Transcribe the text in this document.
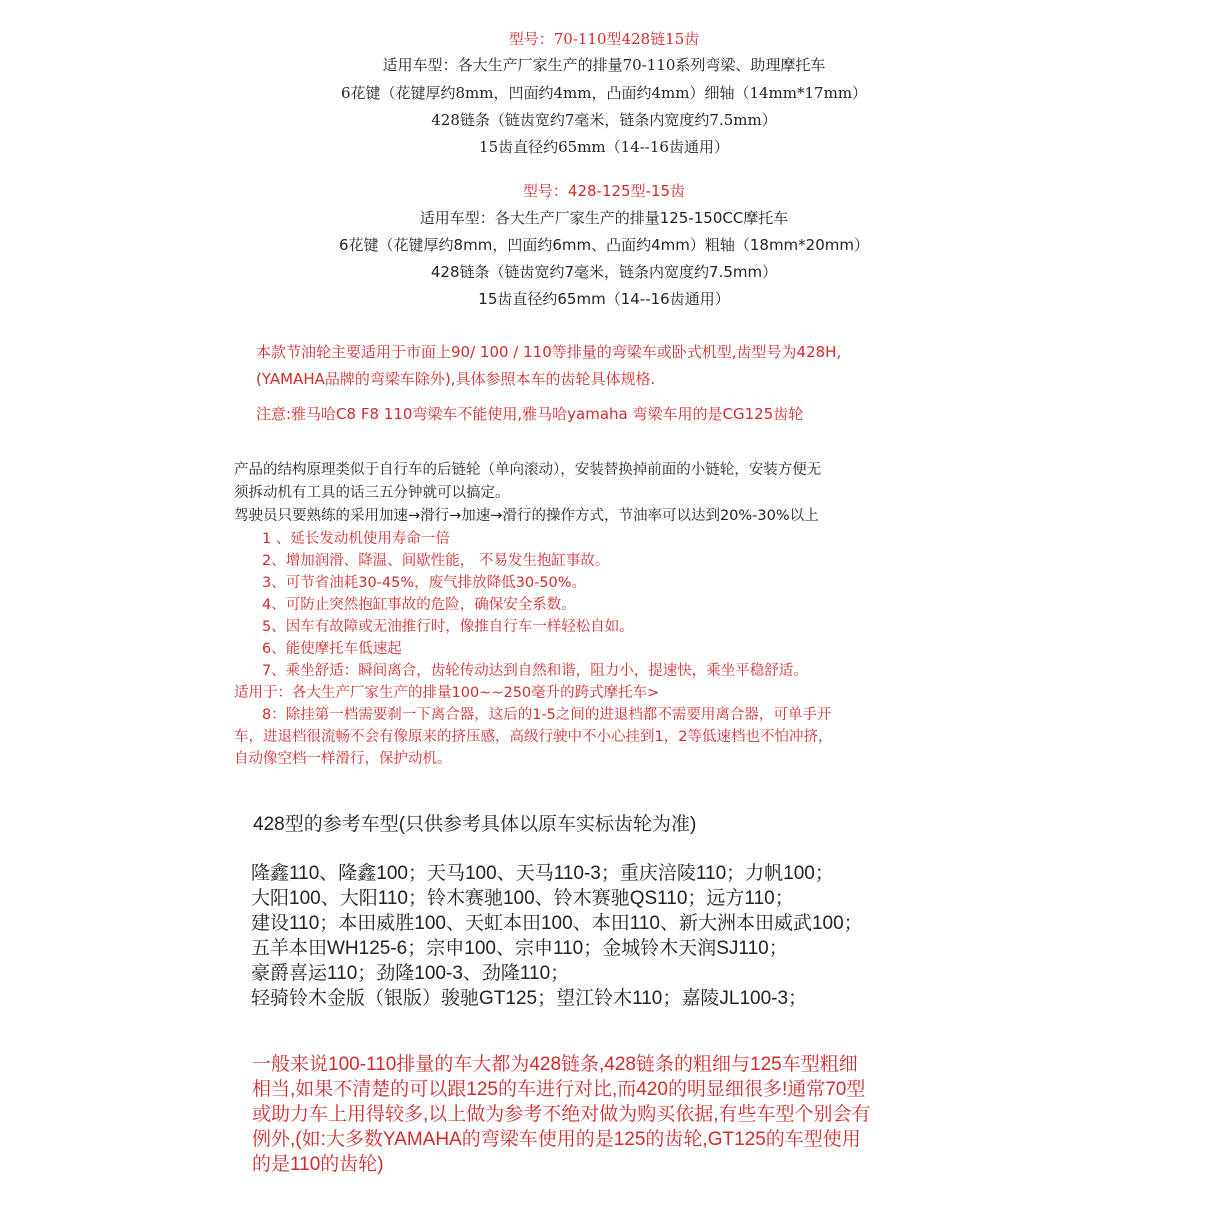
型号：70-110型428链15齿
适用车型：各大生产厂家生产的排量70-110系列弯梁、助理摩托车
6花键（花键厚约8mm，凹面约4mm，凸面约4mm）细轴（14mm*17mm）
428链条（链齿宽约7毫米，链条内宽度约7.5mm）
15齿直径约65mm（14--16齿通用）
型号：428-125型-15齿
适用车型：各大生产厂家生产的排量125-150CC摩托车
6花键（花键厚约8mm，凹面约6mm、凸面约4mm）粗轴（18mm*20mm）
428链条（链齿宽约7毫米，链条内宽度约7.5mm）
15齿直径约65mm（14--16齿通用）
本款节油轮主要适用于市面上90/ 100 / 110等排量的弯梁车或卧式机型,齿型号为428H,
(YAMAHA品牌的弯梁车除外),具体参照本车的齿轮具体规格.
注意:雅马哈C8 F8 110弯梁车不能使用,雅马哈yamaha 弯梁车用的是CG125齿轮
产品的结构原理类似于自行车的后链轮（单向滚动），安装替换掉前面的小链轮，安装方便无
须拆动机有工具的话三五分钟就可以搞定。
驾驶员只要熟练的采用加速→滑行→加速→滑行的操作方式，节油率可以达到20%-30%以上
1 、延长发动机使用寿命一倍
2、增加润滑、降温、间歇性能， 不易发生抱缸事故。
3、可节省油耗30-45%，废气排放降低30-50%。
4、可防止突然抱缸事故的危险，确保安全系数。
5、因车有故障或无油推行时，像推自行车一样轻松自如。
6、能使摩托车低速起
7、乘坐舒适：瞬间离合，齿轮传动达到自然和谐，阻力小，提速快，乘坐平稳舒适。
适用于：各大生产厂家生产的排量100~~250毫升的跨式摩托车>
8：除挂第一档需要刹一下离合器，这后的1-5之间的进退档都不需要用离合器，可单手开
车，进退档很流畅不会有像原来的挤压感，高级行驶中不小心挂到1，2等低速档也不怕冲挤，
自动像空档一样滑行，保护动机。
428型的参考车型(只供参考具体以原车实标齿轮为准)
隆鑫110、隆鑫100；天马100、天马110-3；重庆涪陵110；力帆100；
大阳100、大阳110；铃木赛驰100、铃木赛驰QS110；远方110；
建设110；本田威胜100、天虹本田100、本田110、新大洲本田威武100；
五羊本田WH125-6；宗申100、宗申110；金城铃木天润SJ110；
豪爵喜运110；劲隆100-3、劲隆110；
轻骑铃木金版（银版）骏驰GT125；望江铃木110；嘉陵JL100-3；
一般来说100-110排量的车大都为428链条,428链条的粗细与125车型粗细
相当,如果不清楚的可以跟125的车进行对比,而420的明显细很多!通常70型
或助力车上用得较多,以上做为参考不绝对做为购买依据,有些车型个别会有
例外,(如:大多数YAMAHA的弯梁车使用的是125的齿轮,GT125的车型使用
的是110的齿轮)
